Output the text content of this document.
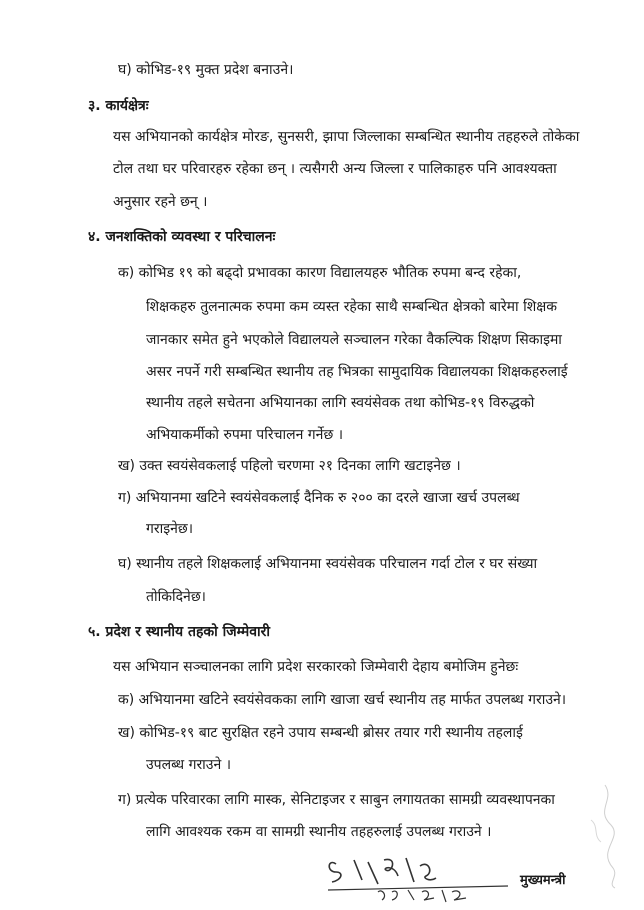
घ) कोभिड-१९ मुक्त प्रदेश बनाउने।
३. कार्यक्षेत्रः
यस अभियानको कार्यक्षेत्र मोरङ, सुनसरी, झापा जिल्लाका सम्बन्धित स्थानीय तहहरुले तोकेका
टोल तथा घर परिवारहरु रहेका छन् । त्यसैगरी अन्य जिल्ला र पालिकाहरु पनि आवश्यक्ता
अनुसार रहने छन् ।
४. जनशक्तिको व्यवस्था र परिचालनः
क) कोभिड १९ को बढ्दो प्रभावका कारण विद्यालयहरु भौतिक रुपमा बन्द रहेका,
शिक्षकहरु तुलनात्मक रुपमा कम व्यस्त रहेका साथै सम्बन्धित क्षेत्रको बारेमा शिक्षक
जानकार समेत हुने भएकोले विद्यालयले सञ्चालन गरेका वैकल्पिक शिक्षण सिकाइमा
असर नपर्ने गरी सम्बन्धित स्थानीय तह भित्रका सामुदायिक विद्यालयका शिक्षकहरुलाई
स्थानीय तहले सचेतना अभियानका लागि स्वयंसेवक तथा कोभिड-१९ विरुद्धको
अभियाकर्मीको रुपमा परिचालन गर्नेछ ।
ख) उक्त स्वयंसेवकलाई पहिलो चरणमा २१ दिनका लागि खटाइनेछ ।
ग) अभियानमा खटिने स्वयंसेवकलाई दैनिक रु २०० का दरले खाजा खर्च उपलब्ध
गराइनेछ।
घ) स्थानीय तहले शिक्षकलाई अभियानमा स्वयंसेवक परिचालन गर्दा टोल र घर संख्या
तोकिदिनेछ।
५. प्रदेश र स्थानीय तहको जिम्मेवारी
यस अभियान सञ्चालनका लागि प्रदेश सरकारको जिम्मेवारी देहाय बमोजिम हुनेछः
क) अभियानमा खटिने स्वयंसेवकका लागि खाजा खर्च स्थानीय तह मार्फत उपलब्ध गराउने।
ख) कोभिड-१९ बाट सुरक्षित रहने उपाय सम्बन्धी ब्रोसर तयार गरी स्थानीय तहलाई
उपलब्ध गराउने ।
ग) प्रत्येक परिवारका लागि मास्क, सेनिटाइजर र साबुन लगायतका सामग्री व्यवस्थापनका
लागि आवश्यक रकम वा सामग्री स्थानीय तहहरुलाई उपलब्ध गराउने ।
मुख्यमन्त्री
